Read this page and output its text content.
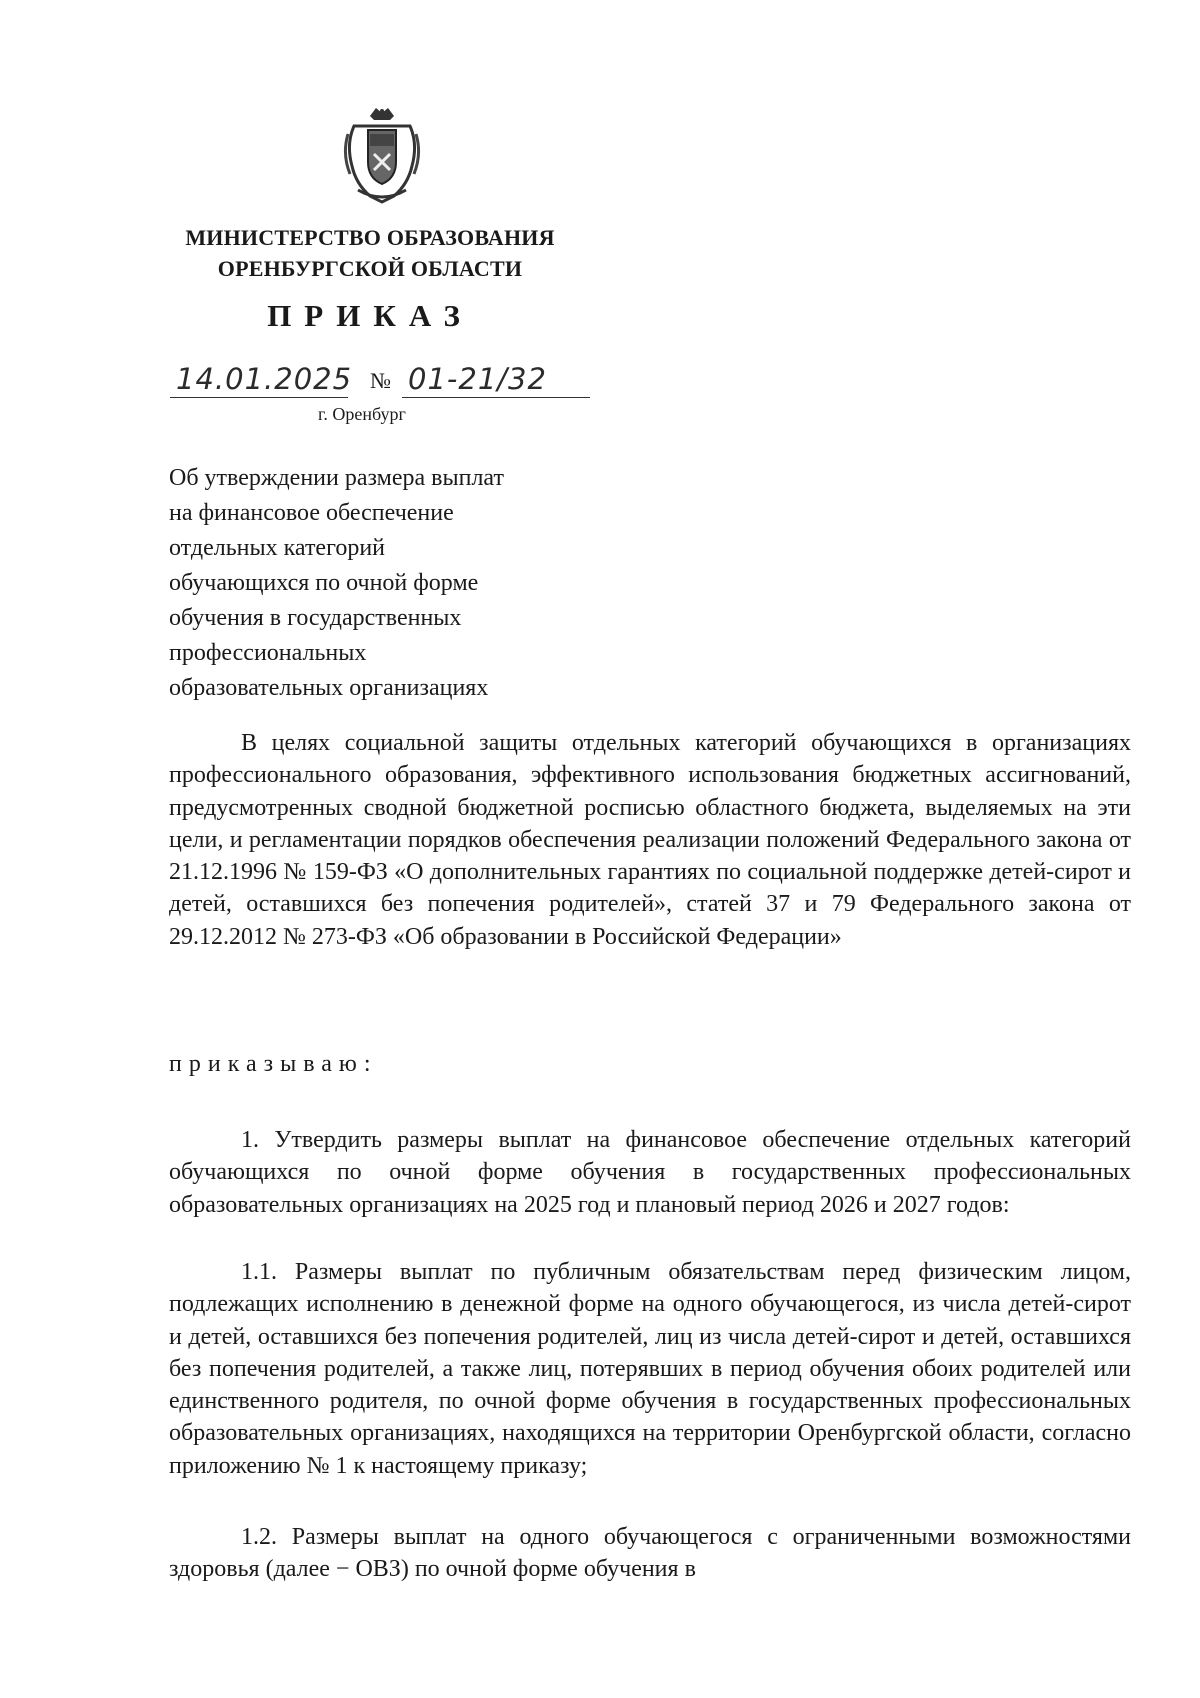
МИНИСТЕРСТВО ОБРАЗОВАНИЯ
ОРЕНБУРГСКОЙ ОБЛАСТИ
ПРИКАЗ
14.01.2025 № 01-21/32
г. Оренбург
Об утверждении размера выплат
на финансовое обеспечение
отдельных категорий
обучающихся по очной форме
обучения в государственных
профессиональных
образовательных организациях

В целях социальной защиты отдельных категорий обучающихся в организациях профессионального образования, эффективного использования бюджетных ассигнований, предусмотренных сводной бюджетной росписью областного бюджета, выделяемых на эти цели, и регламентации порядков обеспечения реализации положений Федерального закона от 21.12.1996 № 159-ФЗ «О дополнительных гарантиях по социальной поддержке детей-сирот и детей, оставшихся без попечения родителей», статей 37 и 79 Федерального закона от 29.12.2012 № 273-ФЗ «Об образовании в Российской Федерации»

приказываю:

1. Утвердить размеры выплат на финансовое обеспечение отдельных категорий обучающихся по очной форме обучения в государственных профессиональных образовательных организациях на 2025 год и плановый период 2026 и 2027 годов:

1.1. Размеры выплат по публичным обязательствам перед физическим лицом, подлежащих исполнению в денежной форме на одного обучающегося, из числа детей-сирот и детей, оставшихся без попечения родителей, лиц из числа детей-сирот и детей, оставшихся без попечения родителей, а также лиц, потерявших в период обучения обоих родителей или единственного родителя, по очной форме обучения в государственных профессиональных образовательных организациях, находящихся на территории Оренбургской области, согласно приложению № 1 к настоящему приказу;

1.2. Размеры выплат на одного обучающегося с ограниченными возможностями здоровья (далее − ОВЗ) по очной форме обучения в
